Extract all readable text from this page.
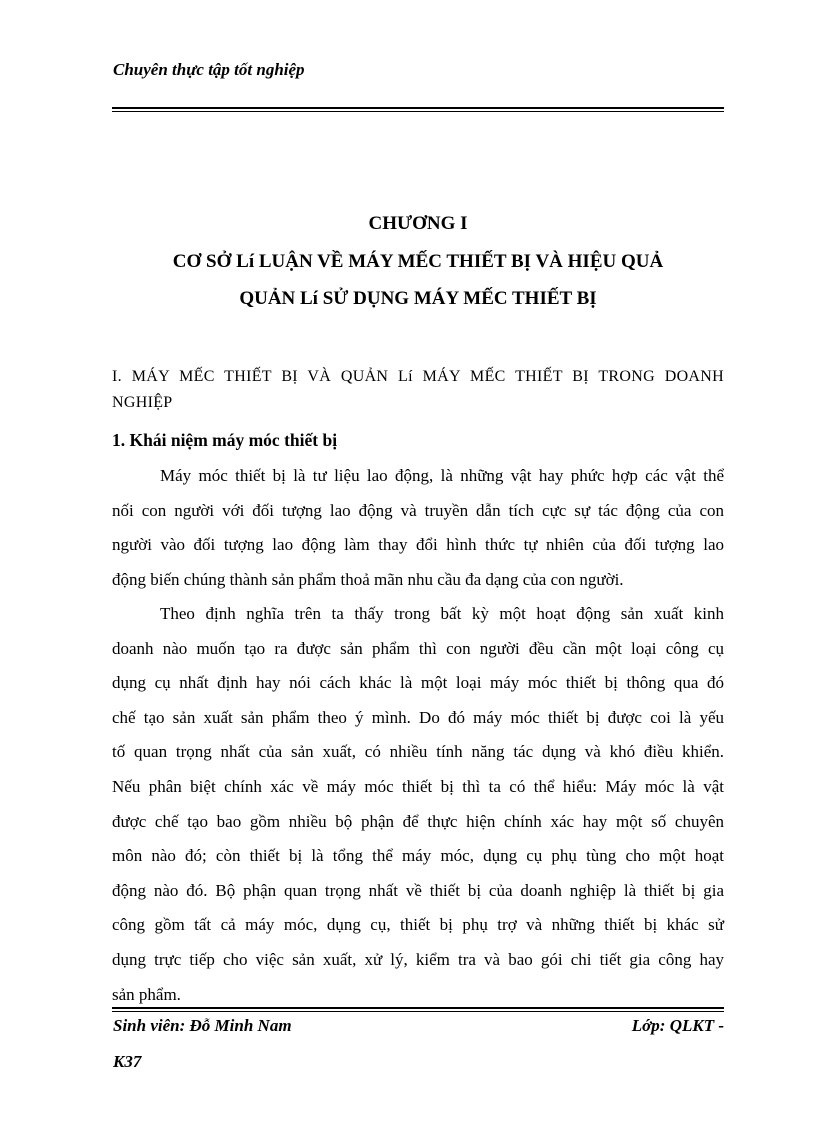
Chuyên thực tập tốt nghiệp
CHƯƠNG I
CƠ SỞ Lí LUẬN VỀ MÁY MẾC THIẾT BỊ VÀ HIỆU QUẢ
QUẢN Lí SỬ DỤNG MÁY MẾC THIẾT BỊ
I. MÁY MẾC THIẾT BỊ VÀ QUẢN Lí MÁY MẾC THIẾT BỊ TRONG DOANH
NGHIỆP
1. Khái niệm máy móc thiết bị
Máy móc thiết bị là tư liệu lao động, là những vật hay phức hợp các vật thể
nối con người với đối tượng lao động và truyền dẫn tích cực sự tác động của con
người vào đối tượng lao động làm thay đổi hình thức tự nhiên của đối tượng lao
động biến chúng thành sản phẩm thoả mãn nhu cầu đa dạng của con người.
Theo định nghĩa trên ta thấy trong bất kỳ một hoạt động sản xuất kinh
doanh nào muốn tạo ra được sản phẩm thì con người đều cần một loại công cụ
dụng cụ nhất định hay nói cách khác là một loại máy móc thiết bị thông qua đó
chế tạo sản xuất sản phẩm theo ý mình. Do đó máy móc thiết bị được coi là yếu
tố quan trọng nhất của sản xuất, có nhiều tính năng tác dụng và khó điều khiển.
Nếu phân biệt chính xác về máy móc thiết bị thì ta có thể hiểu: Máy móc là vật
được chế tạo bao gồm nhiều bộ phận để thực hiện chính xác hay một số chuyên
môn nào đó; còn thiết bị là tổng thể máy móc, dụng cụ phụ tùng cho một hoạt
động nào đó. Bộ phận quan trọng nhất về thiết bị của doanh nghiệp là thiết bị gia
công gồm tất cả máy móc, dụng cụ, thiết bị phụ trợ và những thiết bị khác sử
dụng trực tiếp cho việc sản xuất, xử lý, kiểm tra và bao gói chi tiết gia công hay
sản phẩm.
Sinh viên: Đỗ Minh Nam	Lớp: QLKT -
K37
